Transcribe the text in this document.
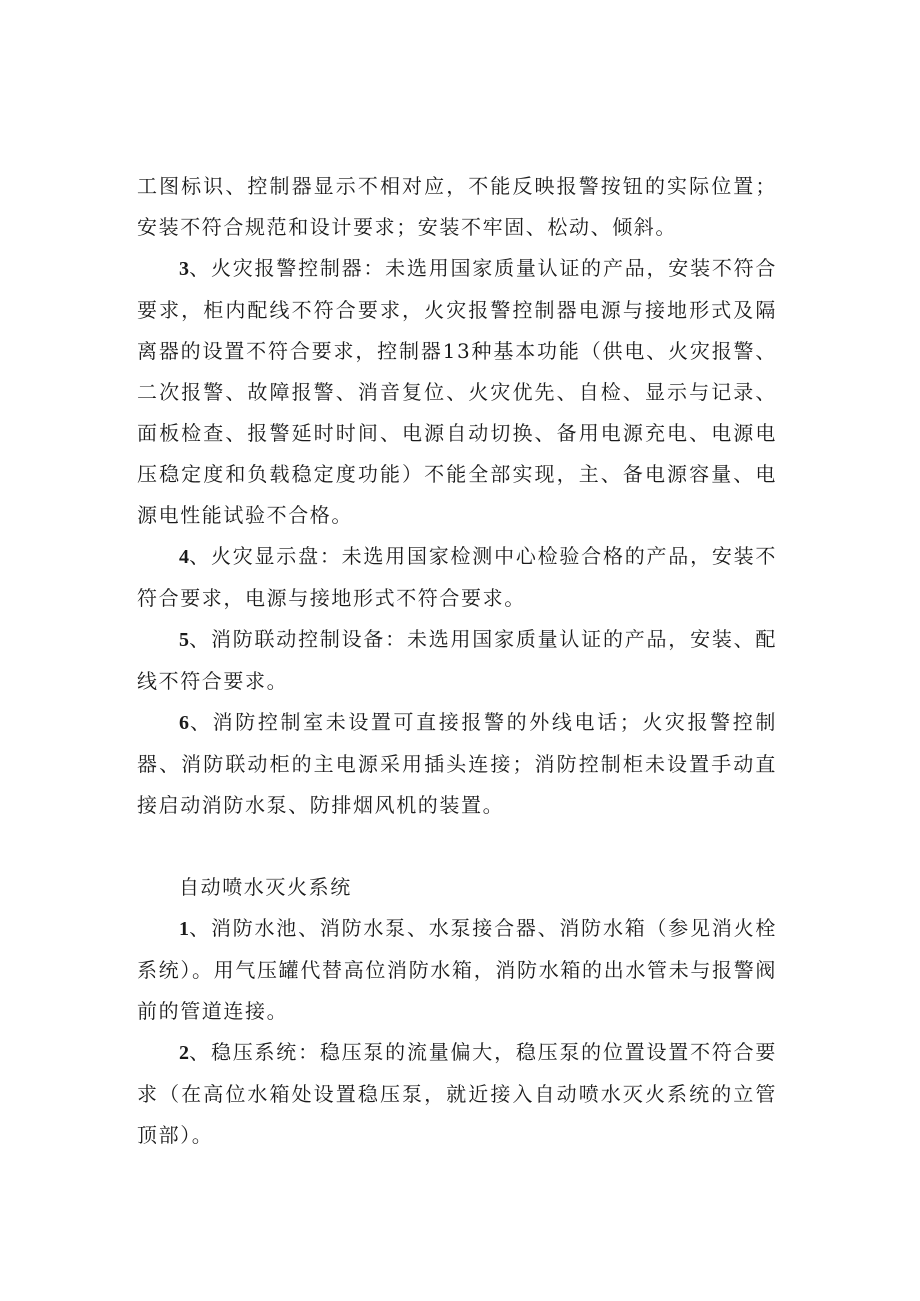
工图标识、控制器显示不相对应，不能反映报警按钮的实际位置；安装不符合规范和设计要求；安装不牢固、松动、倾斜。

3、火灾报警控制器：未选用国家质量认证的产品，安装不符合要求，柜内配线不符合要求，火灾报警控制器电源与接地形式及隔离器的设置不符合要求，控制器13种基本功能（供电、火灾报警、二次报警、故障报警、消音复位、火灾优先、自检、显示与记录、面板检查、报警延时时间、电源自动切换、备用电源充电、电源电压稳定度和负载稳定度功能）不能全部实现，主、备电源容量、电源电性能试验不合格。

4、火灾显示盘：未选用国家检测中心检验合格的产品，安装不符合要求，电源与接地形式不符合要求。

5、消防联动控制设备：未选用国家质量认证的产品，安装、配线不符合要求。

6、消防控制室未设置可直接报警的外线电话；火灾报警控制器、消防联动柜的主电源采用插头连接；消防控制柜未设置手动直接启动消防水泵、防排烟风机的装置。

自动喷水灭火系统

1、消防水池、消防水泵、水泵接合器、消防水箱（参见消火栓系统）。用气压罐代替高位消防水箱，消防水箱的出水管未与报警阀前的管道连接。

2、稳压系统：稳压泵的流量偏大，稳压泵的位置设置不符合要求（在高位水箱处设置稳压泵，就近接入自动喷水灭火系统的立管顶部）。
